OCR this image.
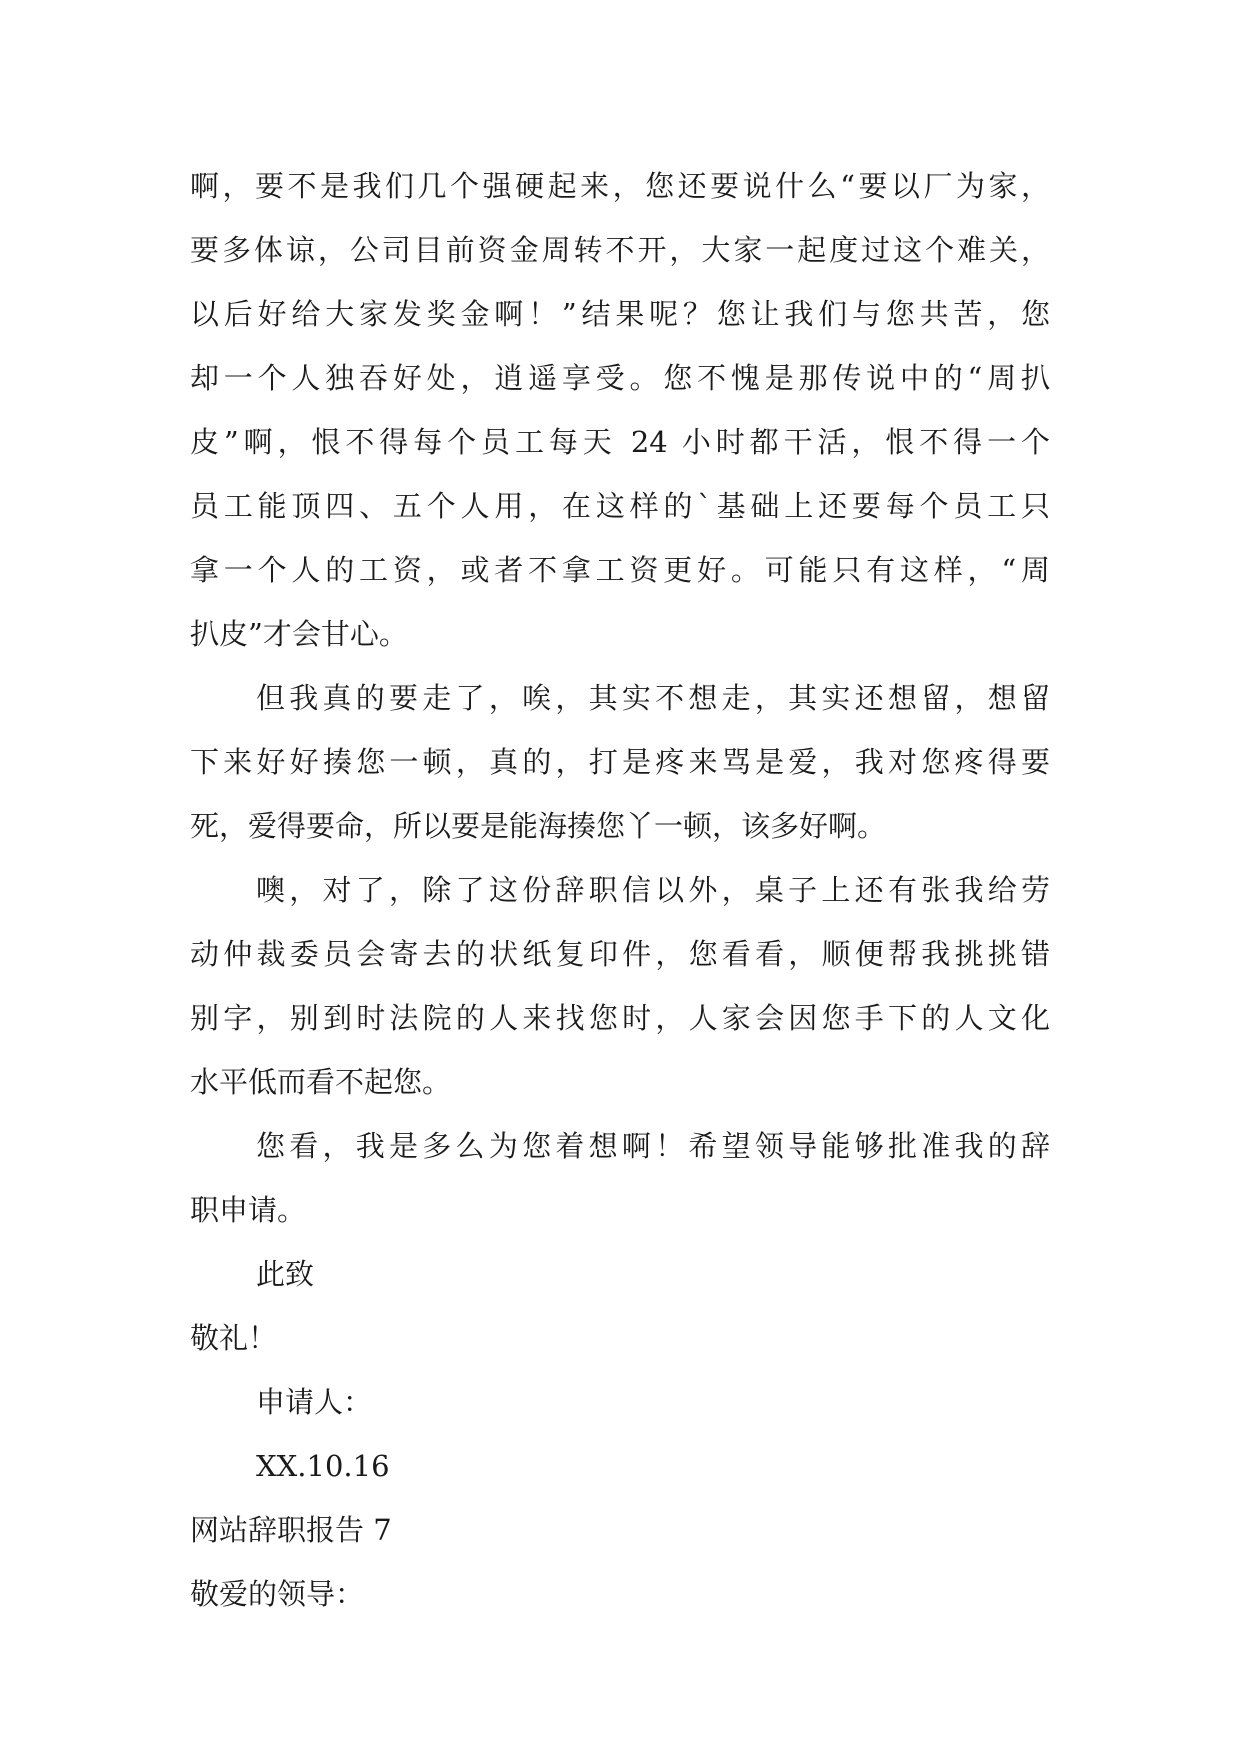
啊，要不是我们几个强硬起来，您还要说什么“要以厂为家，
要多体谅，公司目前资金周转不开，大家一起度过这个难关，
以后好给大家发奖金啊！”结果呢？您让我们与您共苦，您
却一个人独吞好处，逍遥享受。您不愧是那传说中的“周扒
皮”啊，恨不得每个员工每天 24 小时都干活，恨不得一个
员工能顶四、五个人用，在这样的`基础上还要每个员工只
拿一个人的工资，或者不拿工资更好。可能只有这样，“周
扒皮”才会甘心。
但我真的要走了，唉，其实不想走，其实还想留，想留
下来好好揍您一顿，真的，打是疼来骂是爱，我对您疼得要
死，爱得要命，所以要是能海揍您丫一顿，该多好啊。
噢，对了，除了这份辞职信以外，桌子上还有张我给劳
动仲裁委员会寄去的状纸复印件，您看看，顺便帮我挑挑错
别字，别到时法院的人来找您时，人家会因您手下的人文化
水平低而看不起您。
您看，我是多么为您着想啊！希望领导能够批准我的辞
职申请。
此致
敬礼！
申请人：
XX.10.16
网站辞职报告 7
敬爱的领导：
